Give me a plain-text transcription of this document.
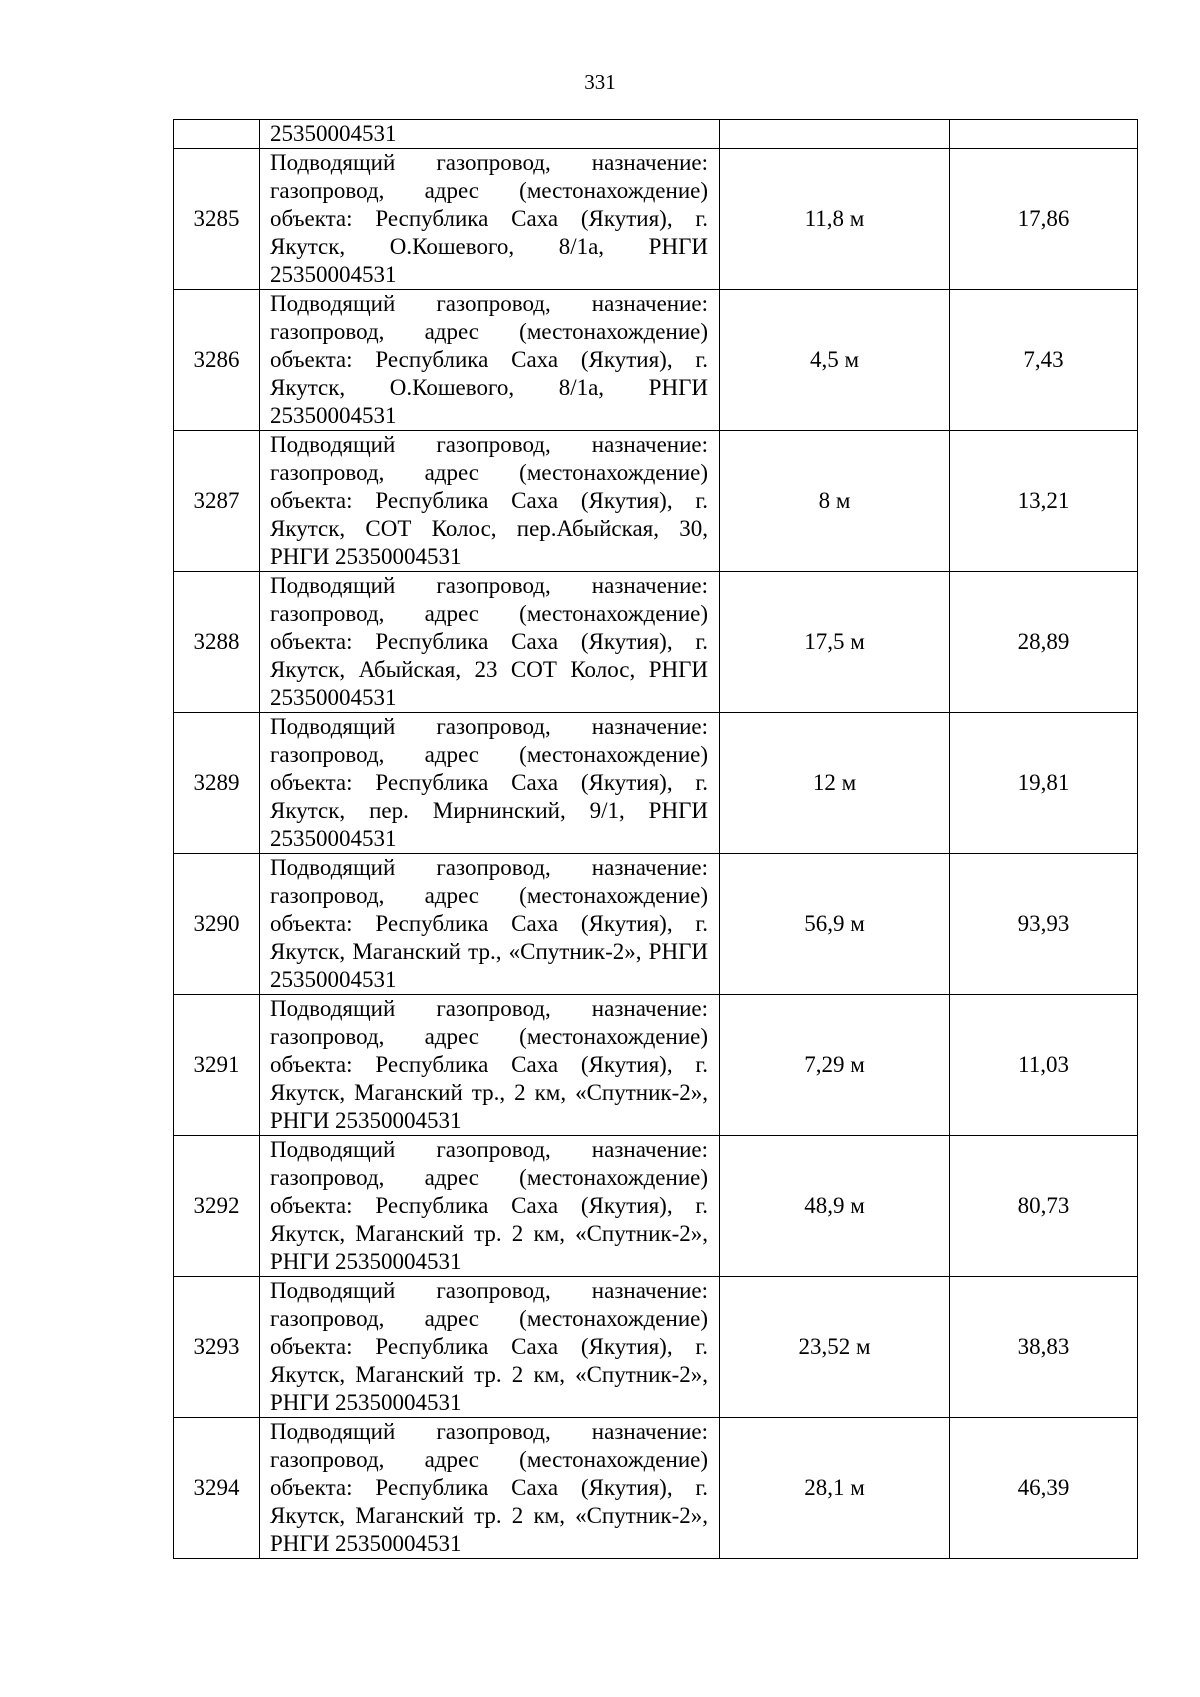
331
	25350004531		
3285	Подводящий газопровод, назначение: газопровод, адрес (местонахождение) объекта: Республика Саха (Якутия), г. Якутск, О.Кошевого, 8/1а, РНГИ 25350004531	11,8 м	17,86
3286	Подводящий газопровод, назначение: газопровод, адрес (местонахождение) объекта: Республика Саха (Якутия), г. Якутск, О.Кошевого, 8/1а, РНГИ 25350004531	4,5 м	7,43
3287	Подводящий газопровод, назначение: газопровод, адрес (местонахождение) объекта: Республика Саха (Якутия), г. Якутск, СОТ Колос, пер.Абыйская, 30, РНГИ 25350004531	8 м	13,21
3288	Подводящий газопровод, назначение: газопровод, адрес (местонахождение) объекта: Республика Саха (Якутия), г. Якутск, Абыйская, 23 СОТ Колос, РНГИ 25350004531	17,5 м	28,89
3289	Подводящий газопровод, назначение: газопровод, адрес (местонахождение) объекта: Республика Саха (Якутия), г. Якутск, пер. Мирнинский, 9/1, РНГИ 25350004531	12 м	19,81
3290	Подводящий газопровод, назначение: газопровод, адрес (местонахождение) объекта: Республика Саха (Якутия), г. Якутск, Маганский тр., «Спутник-2», РНГИ 25350004531	56,9 м	93,93
3291	Подводящий газопровод, назначение: газопровод, адрес (местонахождение) объекта: Республика Саха (Якутия), г. Якутск, Маганский тр., 2 км, «Спутник-2», РНГИ 25350004531	7,29 м	11,03
3292	Подводящий газопровод, назначение: газопровод, адрес (местонахождение) объекта: Республика Саха (Якутия), г. Якутск, Маганский тр. 2 км, «Спутник-2», РНГИ 25350004531	48,9 м	80,73
3293	Подводящий газопровод, назначение: газопровод, адрес (местонахождение) объекта: Республика Саха (Якутия), г. Якутск, Маганский тр. 2 км, «Спутник-2», РНГИ 25350004531	23,52 м	38,83
3294	Подводящий газопровод, назначение: газопровод, адрес (местонахождение) объекта: Республика Саха (Якутия), г. Якутск, Маганский тр. 2 км, «Спутник-2», РНГИ 25350004531	28,1 м	46,39
